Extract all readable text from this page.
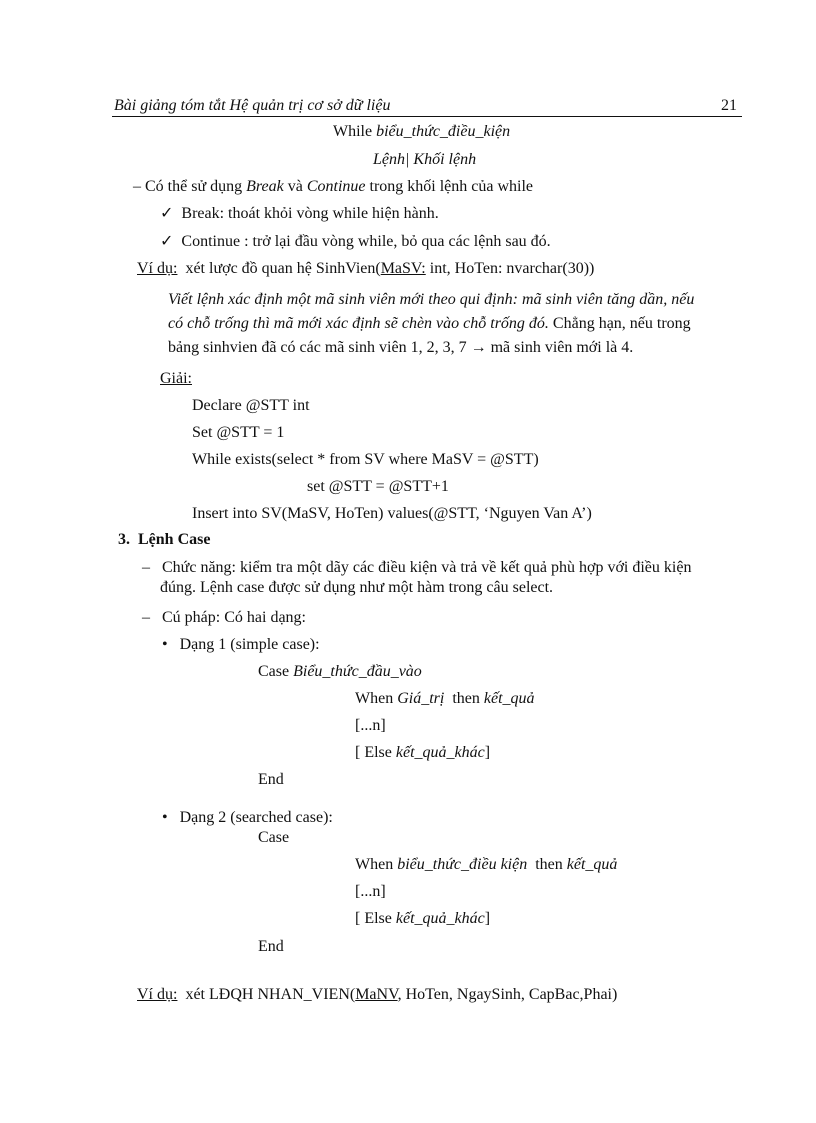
Bài giảng tóm tắt Hệ quản trị cơ sở dữ liệu	21
While biểu_thức_điều_kiện
Lệnh| Khối lệnh
– Có thể sử dụng Break và Continue trong khối lệnh của while
✓ Break: thoát khỏi vòng while hiện hành.
✓ Continue : trở lại đầu vòng while, bỏ qua các lệnh sau đó.
Ví dụ: xét lược đồ quan hệ SinhVien(MaSV: int, HoTen: nvarchar(30))
Viết lệnh xác định một mã sinh viên mới theo qui định: mã sinh viên tăng dần, nếu
có chỗ trống thì mã mới xác định sẽ chèn vào chỗ trống đó. Chẳng hạn, nếu trong
bảng sinhvien đã có các mã sinh viên 1, 2, 3, 7 → mã sinh viên mới là 4.
Giải:
Declare @STT int
Set @STT = 1
While exists(select * from SV where MaSV = @STT)
set @STT = @STT+1
Insert into SV(MaSV, HoTen) values(@STT, ‘Nguyen Van A’)
3. Lệnh Case
– Chức năng: kiểm tra một dãy các điều kiện và trả về kết quả phù hợp với điều kiện
đúng. Lệnh case được sử dụng như một hàm trong câu select.
– Cú pháp: Có hai dạng:
• Dạng 1 (simple case):
Case Biểu_thức_đầu_vào
When Giá_trị then kết_quả
[...n]
[ Else kết_quả_khác]
End
• Dạng 2 (searched case):
Case
When biểu_thức_điều kiện then kết_quả
[...n]
[ Else kết_quả_khác]
End
Ví dụ: xét LĐQH NHAN_VIEN(MaNV, HoTen, NgaySinh, CapBac,Phai)
